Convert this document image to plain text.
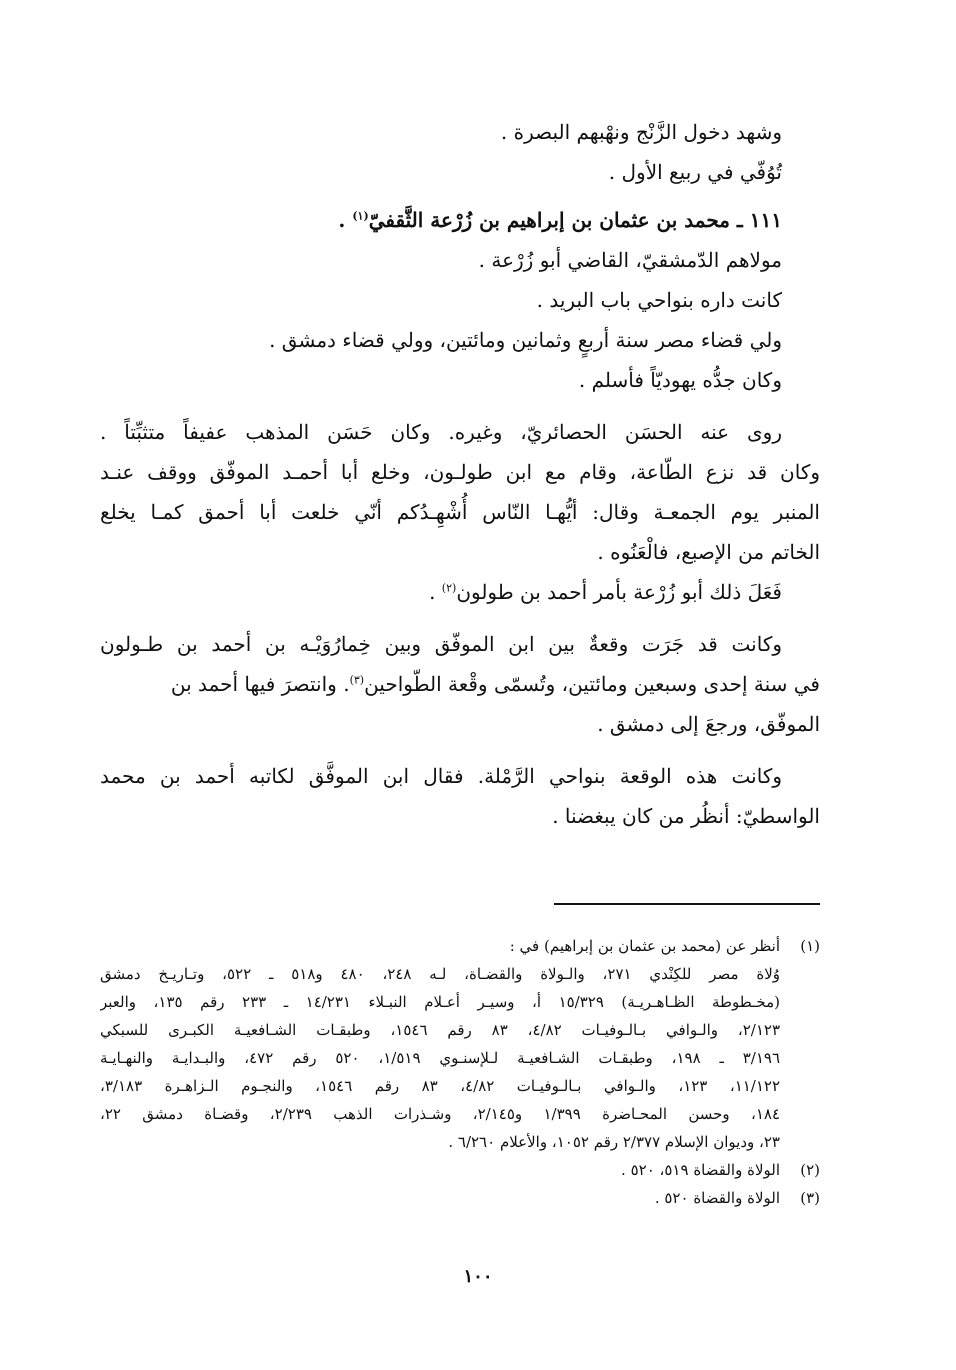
وشهد دخول الزَّنْج ونهْبهم البصرة .
تُوُفّي في ربيع الأول .
١١١ ـ محمد بن عثمان بن إبراهيم بن زُرْعة الثَّقفيّ$^{(١)}$ .
مولاهم الدّمشقيّ، القاضي أبو زُرْعة .
كانت داره بنواحي باب البريد .
ولي قضاء مصر سنة أربعٍ وثمانين ومائتين، وولي قضاء دمشق .
وكان جدُّه يهوديّاً فأسلم .
روى عنه الحسَن الحصائريّ، وغيره. وكان حَسَن المذهب عفيفاً متثبِّتاً .
وكان قد نزع الطّاعة، وقام مع ابن طولـون، وخلع أبا أحمـد الموفّق ووقف عنـد
المنبر يوم الجمعـة وقال: أيُّهـا النّاس أُشْهِـدُكم أنّي خلعت أبا أحمق كمـا يخلع
الخاتم من الإصبع، فالْعَنُوه .
فَعَلَ ذلك أبو زُرْعة بأمر أحمد بن طولون$^{(٢)}$ .
وكانت قد جَرَت وقعةٌ بين ابن الموفّق وبين خِمارُوَيْـه بن أحمد بن طـولون
في سنة إحدى وسبعين ومائتين، وتُسمّى وقْعة الطّواحين$^{(٣)}$. وانتصرَ فيها أحمد بن
الموفّق، ورجعَ إلى دمشق .
وكانت هذه الوقعة بنواحي الرَّمْلة. فقال ابن الموفَّق لكاتبه أحمد بن محمد
الواسطيّ: أنظُر من كان يبغضنا .
(١)
أنظر عن (محمد بن عثمان بن إبراهيم) في :
وُلاة مصر للكِنْدي ٢٧١، والـولاة والقضـاة، لـه ٢٤٨، ٤٨٠ و٥١٨ ـ ٥٢٢، وتـاريـخ دمشق
(مخـطوطة الظـاهـريـة) ١٥/٣٢٩ أ، وسيـر أعـلام النبـلاء ١٤/٢٣١ ـ ٢٣٣ رقم ١٣٥، والعبر
٢/١٢٣، والـوافي بـالـوفيـات ٤/٨٢، ٨٣ رقم ١٥٤٦، وطبقـات الشـافعيـة الكبـرى للسبكي
٣/١٩٦ ـ ١٩٨، وطبقـات الشـافعيـة لـلإسنـوي ١/٥١٩، ٥٢٠ رقم ٤٧٢، والبـدايـة والنهـايـة
١١/١٢٢، ١٢٣، والـوافي بـالـوفيـات ٤/٨٢، ٨٣ رقم ١٥٤٦، والنجـوم الـزاهـرة ٣/١٨٣،
١٨٤، وحسن المحـاضرة ١/٣٩٩ و٢/١٤٥، وشـذرات الذهب ٢/٢٣٩، وقضـاة دمشق ٢٢،
٢٣، وديوان الإسلام ٢/٣٧٧ رقم ١٠٥٢، والأعلام ٦/٢٦٠ .
(٢)
الولاة والقضاة ٥١٩، ٥٢٠ .
(٣)
الولاة والقضاة ٥٢٠ .
١٠٠
